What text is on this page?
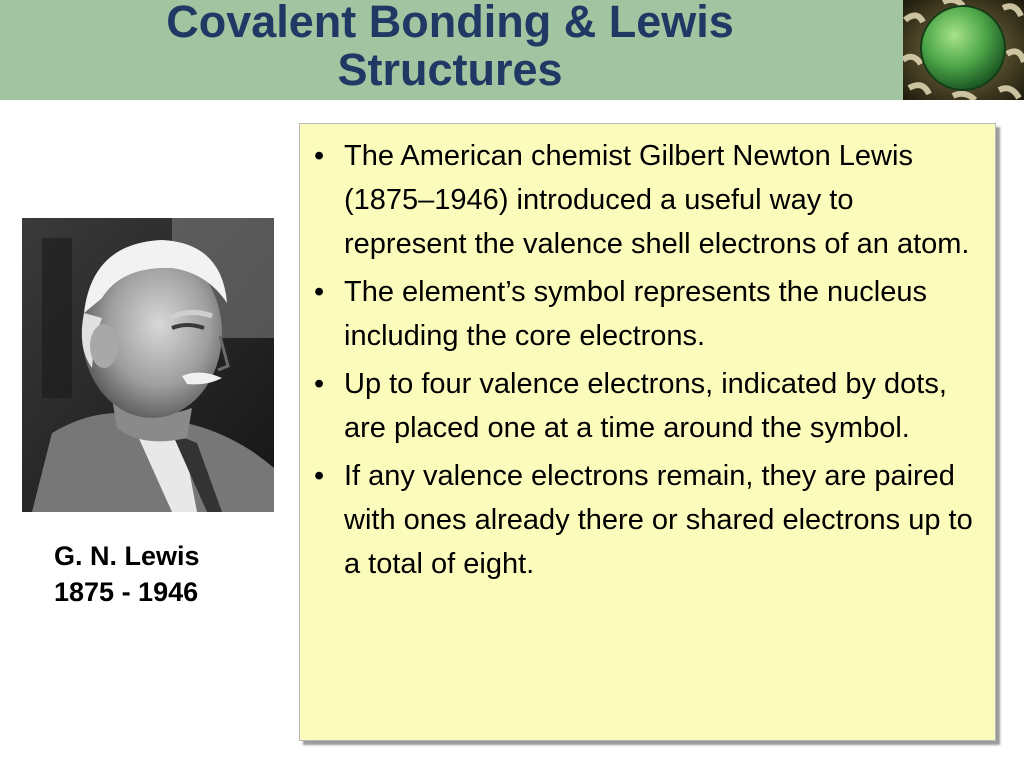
Covalent Bonding & Lewis
Structures
G. N. Lewis
1875 - 1946
• The American chemist Gilbert Newton Lewis (1875–1946) introduced a useful way to represent the valence shell electrons of an atom.
• The element’s symbol represents the nucleus including the core electrons.
• Up to four valence electrons, indicated by dots, are placed one at a time around the symbol.
• If any valence electrons remain, they are paired with ones already there or shared electrons up to a total of eight.
